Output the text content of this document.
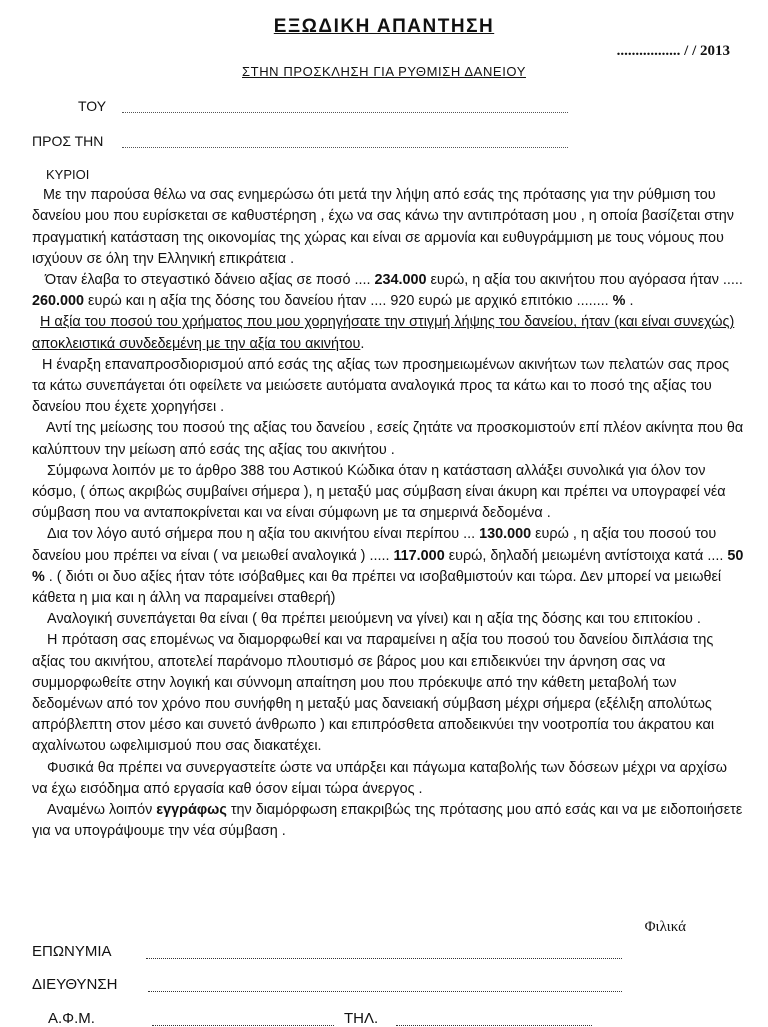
ΕΞΩΔΙΚΗ ΑΠΑΝΤΗΣΗ
................. / / 2013
ΣΤΗΝ ΠΡΟΣΚΛΗΣΗ ΓΙΑ ΡΥΘΜΙΣΗ ΔΑΝΕΙΟΥ
ΤΟΥ
ΠΡΟΣ ΤΗΝ

ΚΥΡΙΟΙ

Με την παρούσα θέλω να σας ενημερώσω ότι μετά την λήψη από εσάς της πρότασης για την ρύθμιση του δανείου μου που ευρίσκεται σε καθυστέρηση , έχω να σας κάνω την αντιπρόταση μου , η οποία βασίζεται στην πραγματική κατάσταση της οικονομίας της χώρας και είναι σε αρμονία και ευθυγράμμιση με τους νόμους που ισχύουν σε όλη την Ελληνική επικράτεια .

Όταν έλαβα το στεγαστικό δάνειο αξίας σε ποσό .... 234.000 ευρώ, η αξία του ακινήτου που αγόρασα ήταν ..... 260.000 ευρώ και η αξία της δόσης του δανείου ήταν .... 920 ευρώ με αρχικό επιτόκιο ........ % .

Η αξία του ποσού του χρήματος που μου χορηγήσατε την στιγμή λήψης του δανείου, ήταν (και είναι συνεχώς) αποκλειστικά συνδεδεμένη με την αξία του ακινήτου.

Η έναρξη επαναπροσδιορισμού από εσάς της αξίας των προσημειωμένων ακινήτων των πελατών σας προς τα κάτω συνεπάγεται ότι οφείλετε να μειώσετε αυτόματα αναλογικά προς τα κάτω και το ποσό της αξίας του δανείου που έχετε χορηγήσει .

Αντί της μείωσης του ποσού της αξίας του δανείου , εσείς ζητάτε να προσκομιστούν επί πλέον ακίνητα που θα καλύπτουν την μείωση από εσάς της αξίας του ακινήτου .

Σύμφωνα λοιπόν με το άρθρο 388 του Αστικού Κώδικα όταν η κατάσταση αλλάξει συνολικά για όλον τον κόσμο, ( όπως ακριβώς συμβαίνει σήμερα ), η μεταξύ μας σύμβαση είναι άκυρη και πρέπει να υπογραφεί νέα σύμβαση που να ανταποκρίνεται και να είναι σύμφωνη με τα σημερινά δεδομένα .

Δια τον λόγο αυτό σήμερα που η αξία του ακινήτου είναι περίπου ... 130.000 ευρώ , η αξία του ποσού του δανείου μου πρέπει να είναι ( να μειωθεί αναλογικά ) ..... 117.000 ευρώ, δηλαδή μειωμένη αντίστοιχα κατά .... 50 % . ( διότι οι δυο αξίες ήταν τότε ισόβαθμες και θα πρέπει να ισοβαθμιστούν και τώρα. Δεν μπορεί να μειωθεί κάθετα η μια και η άλλη να παραμείνει σταθερή)

Αναλογική συνεπάγεται θα είναι ( θα πρέπει μειούμενη να γίνει) και η αξία της δόσης και του επιτοκίου .

Η πρόταση σας επομένως να διαμορφωθεί και να παραμείνει η αξία του ποσού του δανείου διπλάσια της αξίας του ακινήτου, αποτελεί παράνομο πλουτισμό σε βάρος μου και επιδεικνύει την άρνηση σας να συμμορφωθείτε στην λογική και σύννομη απαίτηση μου που πρόεκυψε από την κάθετη μεταβολή των δεδομένων από τον χρόνο που συνήφθη η μεταξύ μας δανειακή σύμβαση μέχρι σήμερα (εξέλιξη απολύτως απρόβλεπτη στον μέσο και συνετό άνθρωπο ) και επιπρόσθετα αποδεικνύει την νοοτροπία του άκρατου και αχαλίνωτου ωφελιμισμού που σας διακατέχει.

Φυσικά θα πρέπει να συνεργαστείτε ώστε να υπάρξει και πάγωμα καταβολής των δόσεων μέχρι να αρχίσω να έχω εισόδημα από εργασία καθ όσον είμαι τώρα άνεργος .

Αναμένω λοιπόν εγγράφως την διαμόρφωση επακριβώς της πρότασης μου από εσάς και να με ειδοποιήσετε για να υπογράψουμε την νέα σύμβαση .

Φιλικά
ΕΠΩΝΥΜΙΑ
ΔΙΕΥΘΥΝΣΗ
Α.Φ.Μ.	ΤΗΛ.
